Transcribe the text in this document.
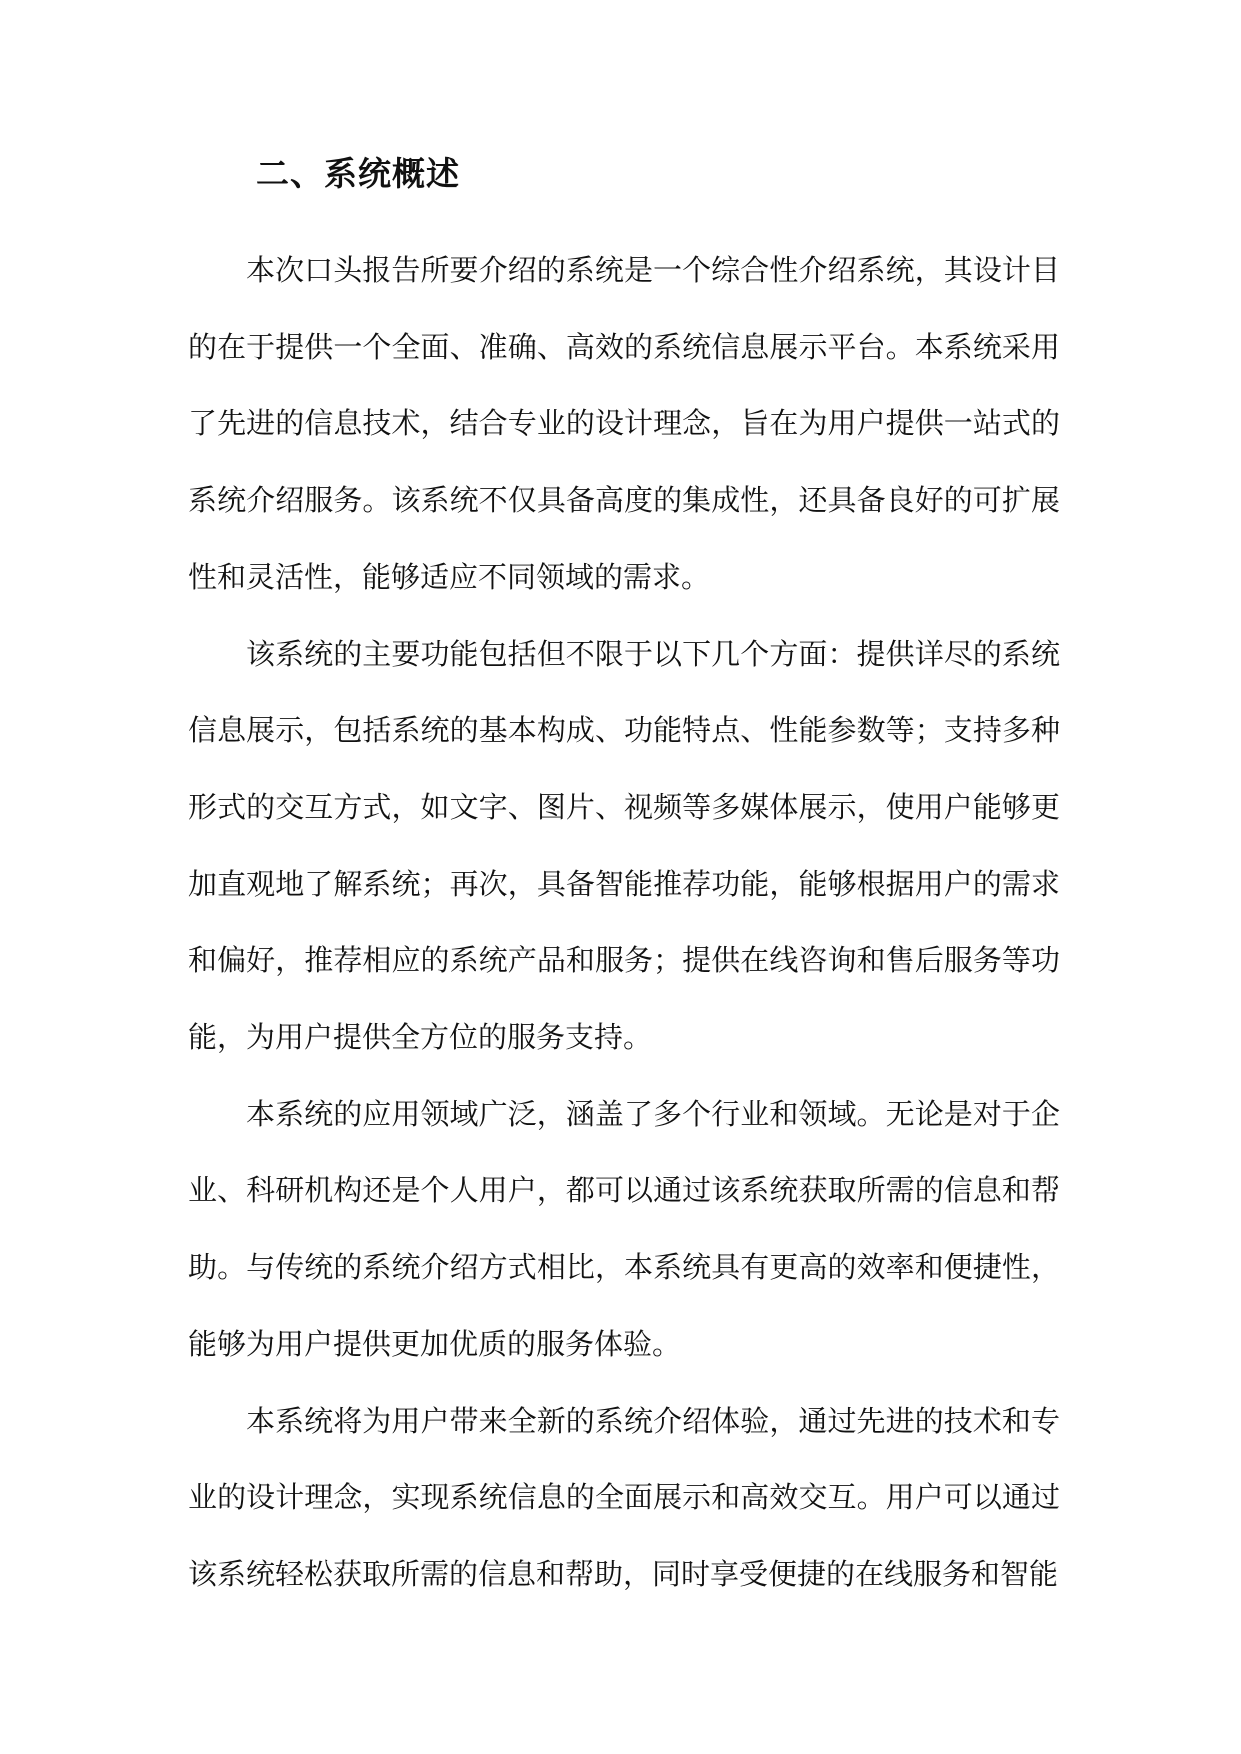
二、系统概述

本次口头报告所要介绍的系统是一个综合性介绍系统，其设计目的在于提供一个全面、准确、高效的系统信息展示平台。本系统采用了先进的信息技术，结合专业的设计理念，旨在为用户提供一站式的系统介绍服务。该系统不仅具备高度的集成性，还具备良好的可扩展性和灵活性，能够适应不同领域的需求。

该系统的主要功能包括但不限于以下几个方面：提供详尽的系统信息展示，包括系统的基本构成、功能特点、性能参数等；支持多种形式的交互方式，如文字、图片、视频等多媒体展示，使用户能够更加直观地了解系统；再次，具备智能推荐功能，能够根据用户的需求和偏好，推荐相应的系统产品和服务；提供在线咨询和售后服务等功能，为用户提供全方位的服务支持。

本系统的应用领域广泛，涵盖了多个行业和领域。无论是对于企业、科研机构还是个人用户，都可以通过该系统获取所需的信息和帮助。与传统的系统介绍方式相比，本系统具有更高的效率和便捷性，能够为用户提供更加优质的服务体验。

本系统将为用户带来全新的系统介绍体验，通过先进的技术和专业的设计理念，实现系统信息的全面展示和高效交互。用户可以通过该系统轻松获取所需的信息和帮助，同时享受便捷的在线服务和智能
